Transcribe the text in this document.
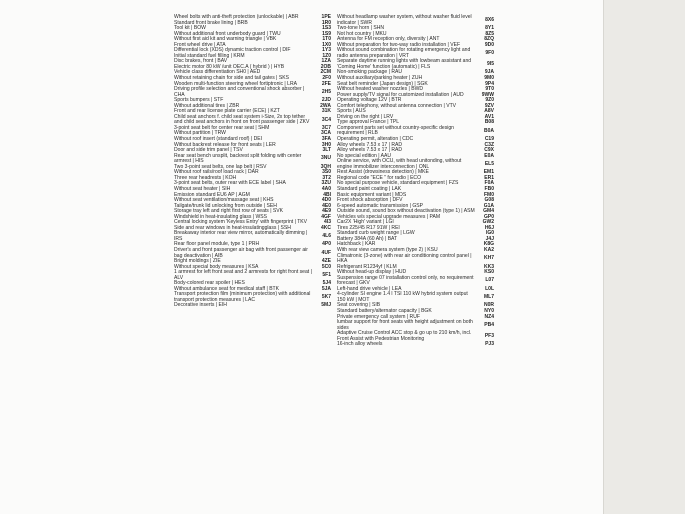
Wheel bolts with anti-theft protection (unlockable) | ABR	1PE
Standard front brake lining | BRB	1R0
Tool kit | BOW	1S3
Without additional front underbody guard | TWU	1S9
Without first aid kit and warning triangle | VBK	1T0
Front wheel drive | ATA	1X0
Differential lock (XDS) dynamic traction control | DIF	1Y3
Initial standard fuel filling | KRM	1Z0
Disc brakes, front | BAV	1ZA
Electric motor 80 kW /unit OEC.A ( hybrid ) | HYB	2OB
Vehicle class differentiation SH0 | AED	2CM
Without retaining chain for side and tail gates | SKS	2F0
Wooden multi-function steering wheel fortiptronic | LRA	2FE
Driving profile selection and conventional shock absorber | CHA	2H5
Sports bumpers | STF	2JD
Without additional tires | ZBR	2WA
Front and rear license plate carrier (ECE) | KZT	31K
Child seat anchors f. child seat system i-Size, 2x top tether and child seat anchors in front on front passenger side | ZKV	3C4
3-point seat belt for center rear seat | SHM	3C7
Without partition | TRW	3CA
Without roof insert (standard roof) | DEI	3FA
Without backrest release for front seats | LER	3H0
Door and side trim panel | TSV	3LT
Rear seat bench unsplit, backrest split folding with center armrest | HIS	3NU
Two 3-point seat belts, one lap belt | RSV	3QH
Without roof rails/roof load rack | DAR	3S0
Three rear headrests | KOH	3T2
3-point seat belts, outer rear with ECE label | SHA	3ZU
Without seat heater | SIH	4A0
Emission standard EU6 AP | AGM	4BI
Without seat ventilation/massage seat | KHS	4D0
Tailgate/trunk lid unlocking from outside | SEH	4E0
Storage tray left and right first row of seats | SVK	4E9
Windshield in heat-insulating glass | WSS	4GF
Central locking system 'Keyless Entry' with fingerprint | TKV	4I3
Side and rear windows in heat-insulatingglass | SSH	4KC
Breakaway interior rear view mirror, automatically dimming | IRS	4L6
Rear floor panel module, type 1 | PRH	4P0
Driver's and front passenger air bag with front passenger air bag deactivation | AIB	4UF
Bright moldings | ZIE	4ZE
Without special body measures | KSA	5C0
1 armrest for left front seat and 2 armrests for right front seat | ALV	5F1
Body-colored rear spoiler | HES	5J4
Without ambulance seat for medical staff | BTK	5JA
Transport protection film (minimum protection) with additional transport protection measures | LAC	5K7
Decorative inserts | EIH	5MJ
Without headlamp washer system, without washer fluid level indicator | SWR	8X6
Two-tone horn | SHN	8Y1
Not hot country | MKU	8Z5
Antenna for FM reception only, diversity | ANT	8ZQ
Without preparation for two-way radio installation | VEF	9D0
Without sound combination for rotating emergency light and radio antenna preparation | VRT	9F0
Separate daytime running lights with lowbeam assistant and 'Coming Home' function (automatic) | FLS	9I5
Non-smoking package | RAU	9JA
Without auxiliary/parking heater | ZUH	9M0
Seat belt reminder (Japan design) | SGK	9P4
Without heated washer nozzles | BWD	9T0
Power supply/TV signal for customized installation | AUD	9WW
Operating voltage 12V | BTR	9Z0
Comfort telephony, without antenna connection | VTV	9ZV
Sports | AUS	A8V
Driving on the right | LRV	AV1
Type approval France | TPL	B08
Component parts set without country-specific design requirement | RLB	B0A
Operating permit, alteration | CDC	C19
Alloy wheels 7.53 x 17 | RAD	C3Z
Alloy wheels 7.53 x 17 | RAD	C9X
No special edition | AAU	E0A
Online service, with OCU, with head unitonding, without engine immobilizer interconnection | ONL	EL5
Rest Assist (drowsiness detection) | MKE	EM1
Regional code "ECE " for radio | ECO	ER1
No special purpose vehicle, standard equipment | FZS	F0A
Standard paint coating | LAK	FB0
Basic equipment variant | MDS	FM0
Front shock absorption | DFV	G08
6-speed automatic transmission | GSP	G1A
Outside sound, sound box without deactivation (type 1) | ASM	GM4
Vehicles w/s special upgrade measures | PAM	GP0
Car2X 'High' variant | LGI	GW2
Tires 225/45 R17 91W | REI	H6J
Standard curb weight range | LGW	IG0
Battery 384A (60 Ah) | BAT	J4J
Hatchback | KAR	K8G
With rear view camera system (type 2) | KSU	KA2
Climatronic (3-zone) with rear air conditioning control panel | HKA	KH7
Refrigerant R1234yf | KLM	KK3
Without head-up display | HUD	KS0
Suspension range 07 installation control only, no requirement forecast | GKV	L07
Left-hand drive vehicle | LEA	L0L
4-cylinder SI engine 1.4 l TSI 110 kW hybrid system output 150 kW | MOT	ML7
Seat covering | SIB	N0R
Standard battery/alternator capacity | BGK	NY0
Private emergency call system | RUF	NZ4
lumbar support for front seats with height adjustment on both sides	PB4
Adaptive Cruise Control ACC stop & go up to 210 km/h, incl. Front Assist with Pedestrian Monitoring	PF3
16-inch alloy wheels	PJ3
